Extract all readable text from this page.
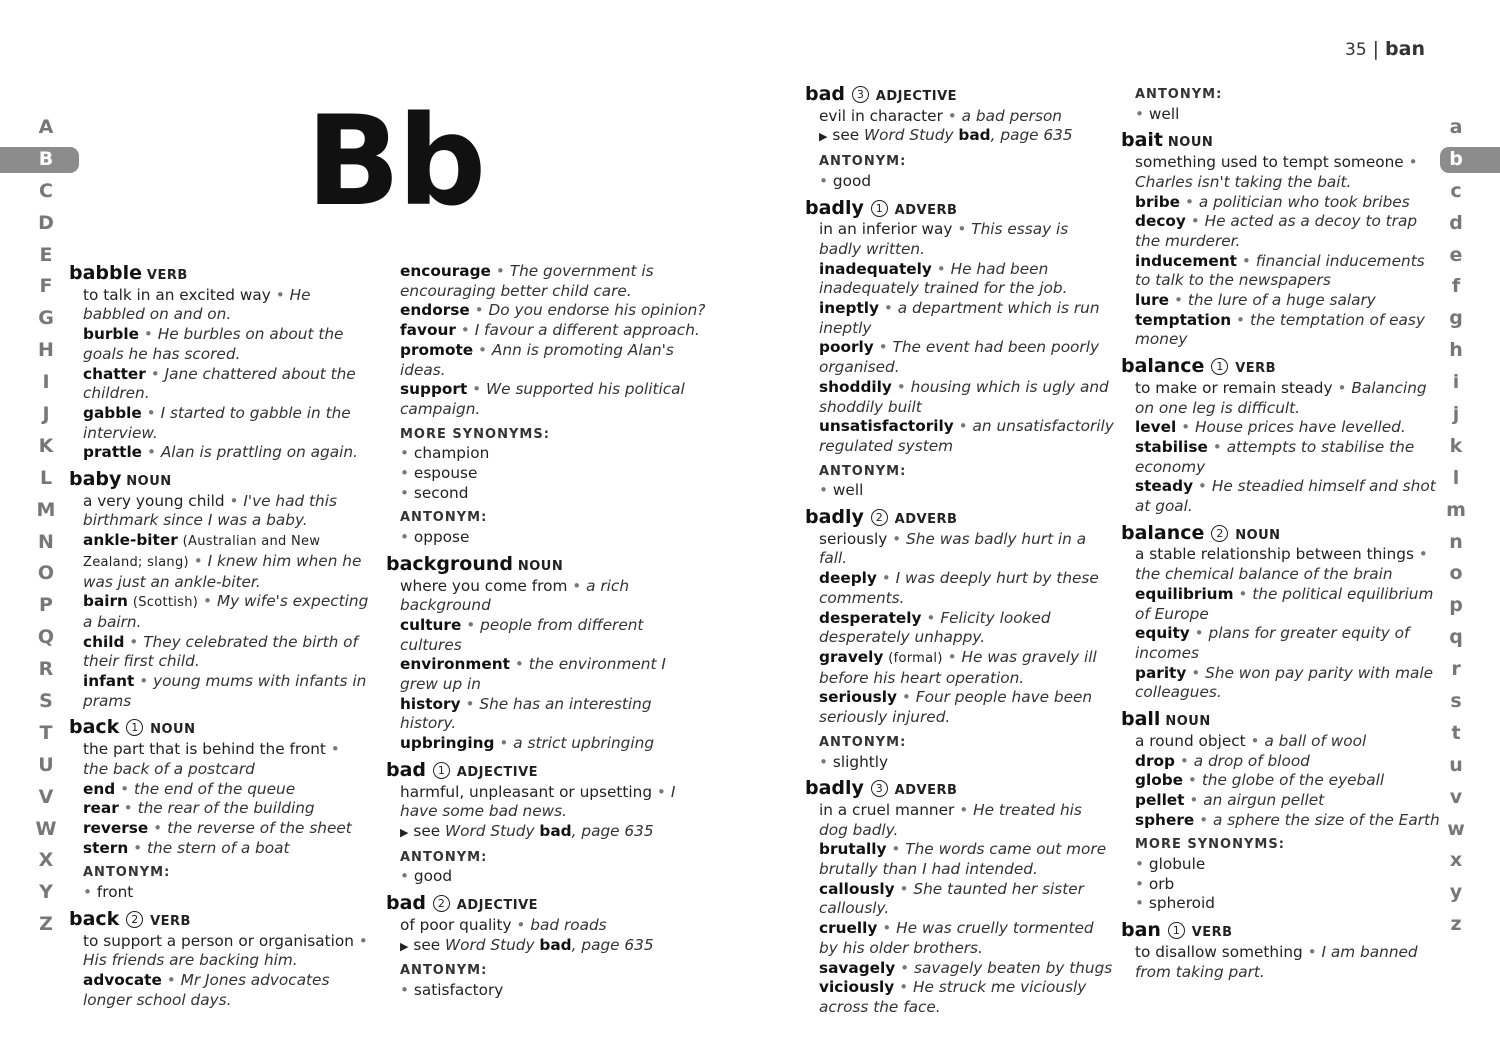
A
B
C
D
E
F
G
H
I
J
K
L
M
N
O
P
Q
R
S
T
U
V
W
X
Y
Z
Bb
babble VERB
to talk in an excited way • He babbled on and on.
burble • He burbles on about the goals he has scored.
chatter • Jane chattered about the children.
gabble • I started to gabble in the interview.
prattle • Alan is prattling on again.
baby NOUN
a very young child • I've had this birthmark since I was a baby.
ankle-biter (Australian and New Zealand; slang) • I knew him when he was just an ankle-biter.
bairn (Scottish) • My wife's expecting a bairn.
child • They celebrated the birth of their first child.
infant • young mums with infants in prams
back 1 NOUN
the part that is behind the front • the back of a postcard
end • the end of the queue
rear • the rear of the building
reverse • the reverse of the sheet
stern • the stern of a boat
ANTONYM:
• front
back 2 VERB
to support a person or organisation • His friends are backing him.
advocate • Mr Jones advocates longer school days.
encourage • The government is encouraging better child care.
endorse • Do you endorse his opinion?
favour • I favour a different approach.
promote • Ann is promoting Alan's ideas.
support • We supported his political campaign.
MORE SYNONYMS:
• champion
• espouse
• second
ANTONYM:
• oppose
background NOUN
where you come from • a rich background
culture • people from different cultures
environment • the environment I grew up in
history • She has an interesting history.
upbringing • a strict upbringing
bad 1 ADJECTIVE
harmful, unpleasant or upsetting • I have some bad news.
▶ see Word Study bad, page 635
ANTONYM:
• good
bad 2 ADJECTIVE
of poor quality • bad roads
▶ see Word Study bad, page 635
ANTONYM:
• satisfactory
35 | ban
a
b
c
d
e
f
g
h
i
j
k
l
m
n
o
p
q
r
s
t
u
v
w
x
y
z
bad 3 ADJECTIVE
evil in character • a bad person
▶ see Word Study bad, page 635
ANTONYM:
• good
badly 1 ADVERB
in an inferior way • This essay is badly written.
inadequately • He had been inadequately trained for the job.
ineptly • a department which is run ineptly
poorly • The event had been poorly organised.
shoddily • housing which is ugly and shoddily built
unsatisfactorily • an unsatisfactorily regulated system
ANTONYM:
• well
badly 2 ADVERB
seriously • She was badly hurt in a fall.
deeply • I was deeply hurt by these comments.
desperately • Felicity looked desperately unhappy.
gravely (formal) • He was gravely ill before his heart operation.
seriously • Four people have been seriously injured.
ANTONYM:
• slightly
badly 3 ADVERB
in a cruel manner • He treated his dog badly.
brutally • The words came out more brutally than I had intended.
callously • She taunted her sister callously.
cruelly • He was cruelly tormented by his older brothers.
savagely • savagely beaten by thugs
viciously • He struck me viciously across the face.
ANTONYM:
• well
bait NOUN
something used to tempt someone • Charles isn't taking the bait.
bribe • a politician who took bribes
decoy • He acted as a decoy to trap the murderer.
inducement • financial inducements to talk to the newspapers
lure • the lure of a huge salary
temptation • the temptation of easy money
balance 1 VERB
to make or remain steady • Balancing on one leg is difficult.
level • House prices have levelled.
stabilise • attempts to stabilise the economy
steady • He steadied himself and shot at goal.
balance 2 NOUN
a stable relationship between things • the chemical balance of the brain
equilibrium • the political equilibrium of Europe
equity • plans for greater equity of incomes
parity • She won pay parity with male colleagues.
ball NOUN
a round object • a ball of wool
drop • a drop of blood
globe • the globe of the eyeball
pellet • an airgun pellet
sphere • a sphere the size of the Earth
MORE SYNONYMS:
• globule
• orb
• spheroid
ban 1 VERB
to disallow something • I am banned from taking part.
